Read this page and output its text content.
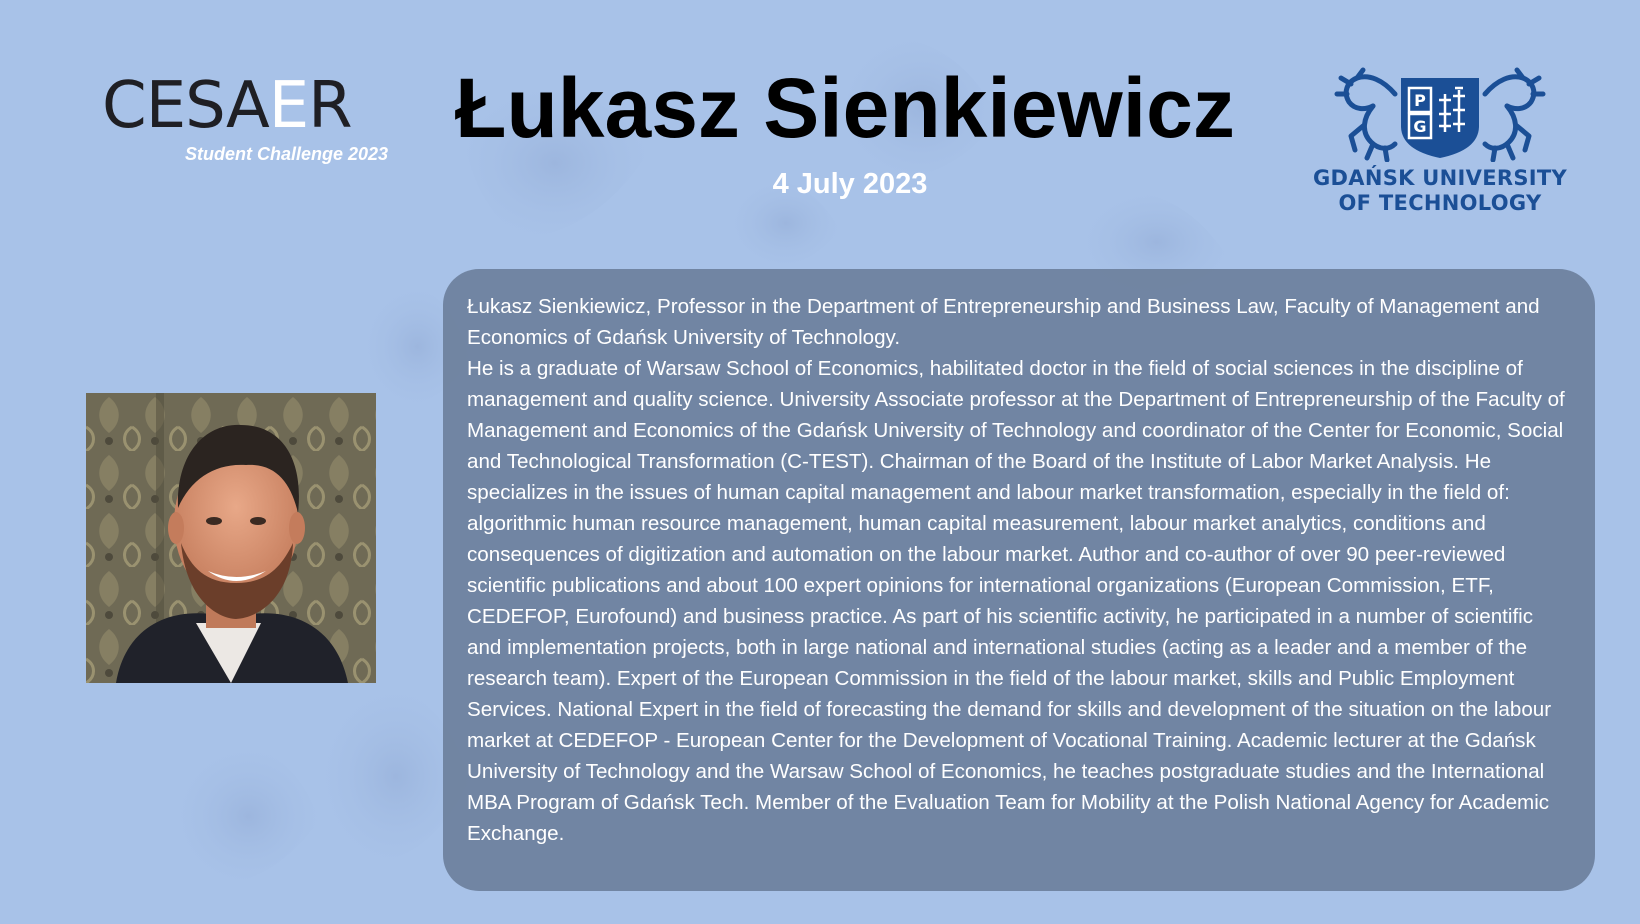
CESAER
Student Challenge 2023 Łukasz Sienkiewicz
4 July 2023
P
G
GDAŃSK UNIVERSITY
OF TECHNOLOGY

Łukasz Sienkiewicz, Professor in the Department of Entrepreneurship and Business Law, Faculty of Management and Economics of Gdańsk University of Technology.

He is a graduate of Warsaw School of Economics, habilitated doctor in the field of social sciences in the discipline of management and quality science. University Associate professor at the Department of Entrepreneurship of the Faculty of Management and Economics of the Gdańsk University of Technology and coordinator of the Center for Economic, Social and Technological Transformation (C-TEST). Chairman of the Board of the Institute of Labor Market Analysis. He specializes in the issues of human capital management and labour market transformation, especially in the field of: algorithmic human resource management, human capital measurement, labour market analytics, conditions and consequences of digitization and automation on the labour market. Author and co-author of over 90 peer-reviewed scientific publications and about 100 expert opinions for international organizations (European Commission, ETF, CEDEFOP, Eurofound) and business practice. As part of his scientific activity, he participated in a number of scientific and implementation projects, both in large national and international studies (acting as a leader and a member of the research team). Expert of the European Commission in the field of the labour market, skills and Public Employment Services. National Expert in the field of forecasting the demand for skills and development of the situation on the labour market at CEDEFOP - European Center for the Development of Vocational Training. Academic lecturer at the Gdańsk University of Technology and the Warsaw School of Economics, he teaches postgraduate studies and the International MBA Program of Gdańsk Tech. Member of the Evaluation Team for Mobility at the Polish National Agency for Academic Exchange.
